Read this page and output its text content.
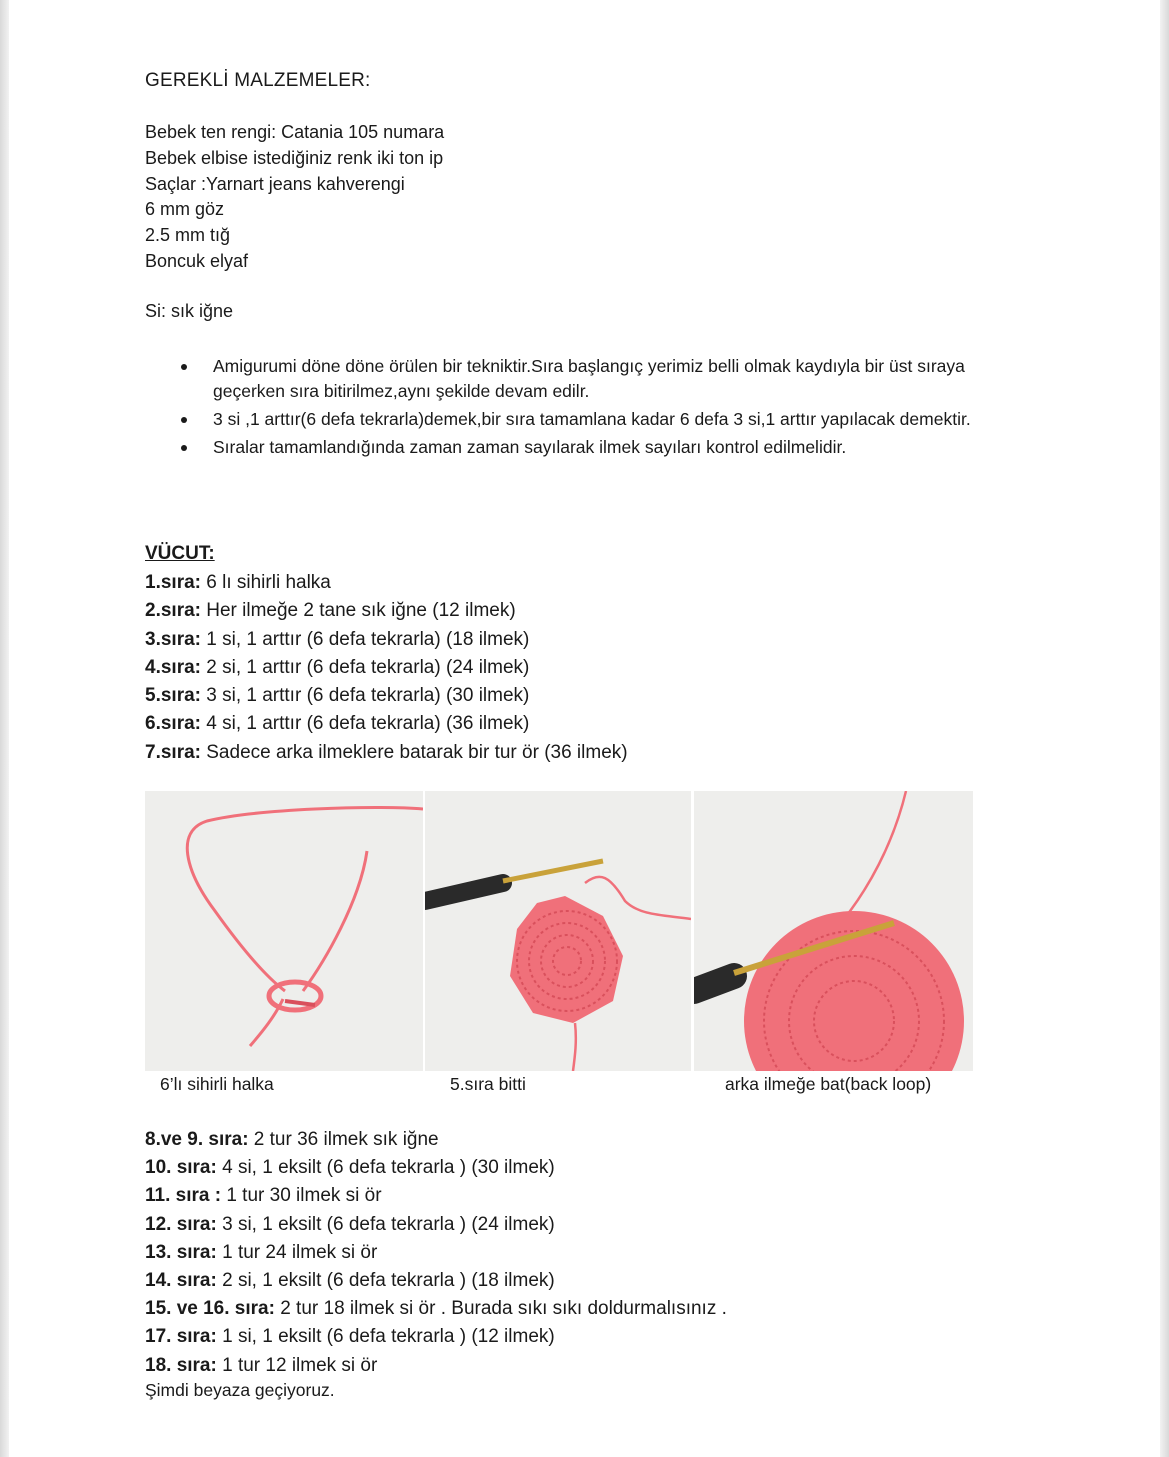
GEREKLİ MALZEMELER:
Bebek ten rengi: Catania 105 numara
Bebek elbise istediğiniz renk iki ton ip
Saçlar :Yarnart jeans kahverengi
6 mm göz
2.5 mm tığ
Boncuk elyaf
Si: sık iğne
Amigurumi döne döne örülen bir tekniktir.Sıra başlangıç yerimiz belli olmak kaydıyla bir üst sıraya geçerken sıra bitirilmez,aynı şekilde devam edilr.
3 si ,1 arttır(6 defa tekrarla)demek,bir sıra tamamlana kadar 6 defa 3 si,1 arttır yapılacak demektir.
Sıralar tamamlandığında zaman zaman sayılarak ilmek sayıları kontrol edilmelidir.
VÜCUT:
1.sıra: 6 lı sihirli halka
2.sıra: Her ilmeğe 2 tane sık iğne (12 ilmek)
3.sıra: 1 si, 1 arttır (6 defa tekrarla) (18 ilmek)
4.sıra: 2 si, 1 arttır (6 defa tekrarla) (24 ilmek)
5.sıra: 3 si, 1 arttır (6 defa tekrarla) (30 ilmek)
6.sıra: 4 si, 1 arttır (6 defa tekrarla) (36 ilmek)
7.sıra: Sadece arka ilmeklere batarak bir tur ör (36 ilmek)
6’lı sihirli halka	5.sıra bitti	arka ilmeğe bat(back loop)
8.ve 9. sıra: 2 tur 36 ilmek sık iğne
10. sıra: 4 si, 1 eksilt (6 defa tekrarla ) (30 ilmek)
11. sıra : 1 tur 30 ilmek si ör
12. sıra: 3 si, 1 eksilt (6 defa tekrarla ) (24 ilmek)
13. sıra: 1 tur 24 ilmek si ör
14. sıra: 2 si, 1 eksilt (6 defa tekrarla ) (18 ilmek)
15. ve 16. sıra: 2 tur 18 ilmek si ör . Burada sıkı sıkı doldurmalısınız .
17. sıra: 1 si, 1 eksilt (6 defa tekrarla ) (12 ilmek)
18. sıra: 1 tur 12 ilmek si ör
Şimdi beyaza geçiyoruz.
